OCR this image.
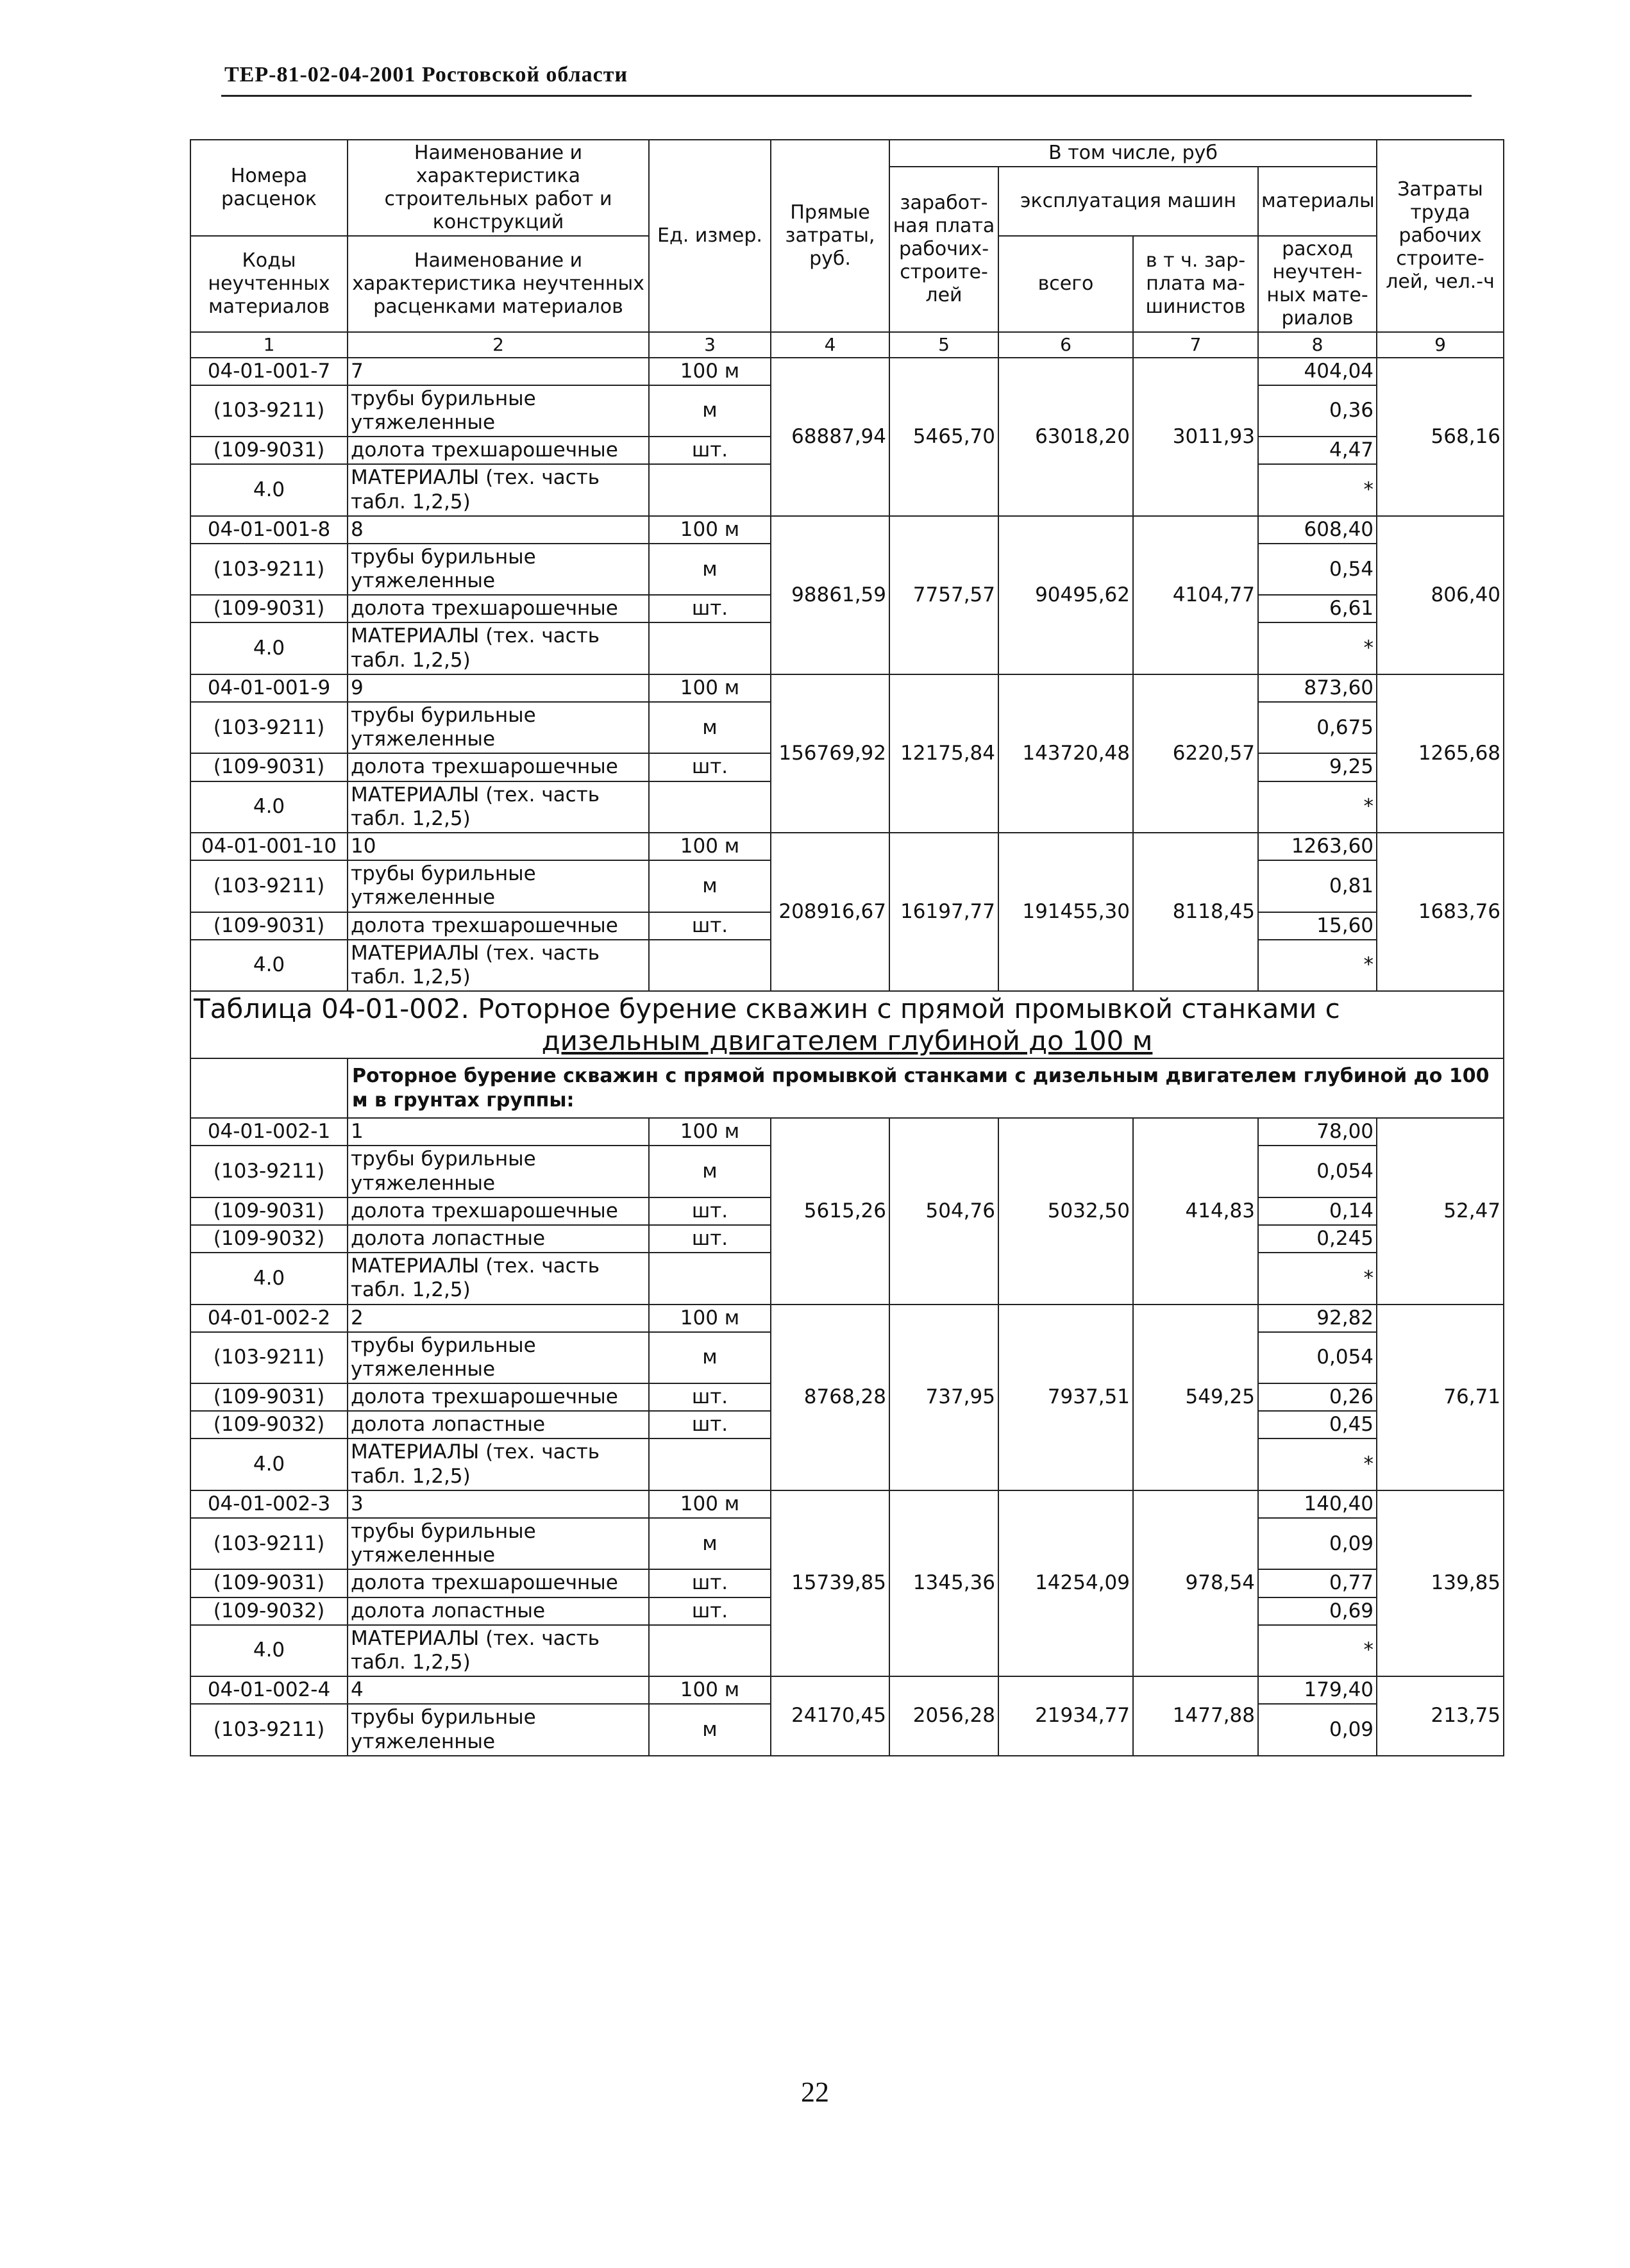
ТЕР-81-02-04-2001 Ростовской области
Номера расценок	Наименование и характеристика строительных работ и конструкций	Ед. измер.	Прямые затраты, руб.	В том числе, руб				Затраты труда рабочих строите-лей, чел.-ч
				заработ-ная плата рабочих-строите-лей	эксплуатация машин		материалы	
Коды неучтенных материалов	Наименование и характеристика неучтенных расценками материалов				всего	в т ч. зар-плата ма-шинистов	расход неучтен-ных мате-риалов	

1	2	3	4	5	6	7	8	9
04-01-001-7	7	100 м	68887,94	5465,70	63018,20	3011,93	404,04	568,16
(103-9211)	трубы бурильные утяжеленные	м					0,36	
(109-9031)	долота трехшарошечные	шт.					4,47	
4.0	МАТЕРИАЛЫ (тех. часть табл. 1,2,5)						*	
04-01-001-8	8	100 м	98861,59	7757,57	90495,62	4104,77	608,40	806,40
(103-9211)	трубы бурильные утяжеленные	м					0,54	
(109-9031)	долота трехшарошечные	шт.					6,61	
4.0	МАТЕРИАЛЫ (тех. часть табл. 1,2,5)						*	
04-01-001-9	9	100 м	156769,92	12175,84	143720,48	6220,57	873,60	1265,68
(103-9211)	трубы бурильные утяжеленные	м					0,675	
(109-9031)	долота трехшарошечные	шт.					9,25	
4.0	МАТЕРИАЛЫ (тех. часть табл. 1,2,5)						*	
04-01-001-10	10	100 м	208916,67	16197,77	191455,30	8118,45	1263,60	1683,76
(103-9211)	трубы бурильные утяжеленные	м					0,81	
(109-9031)	долота трехшарошечные	шт.					15,60	
4.0	МАТЕРИАЛЫ (тех. часть табл. 1,2,5)						*	
Таблица 04-01-002. Роторное бурение скважин с прямой промывкой станками с
дизельным двигателем глубиной до 100 м								

	Роторное бурение скважин с прямой промывкой станками с дизельным двигателем глубиной до 100 м в грунтах группы:							
04-01-002-1	1	100 м	5615,26	504,76	5032,50	414,83	78,00	52,47
(103-9211)	трубы бурильные утяжеленные	м					0,054	
(109-9031)	долота трехшарошечные	шт.					0,14	
(109-9032)	долота лопастные	шт.					0,245	
4.0	МАТЕРИАЛЫ (тех. часть табл. 1,2,5)						*	
04-01-002-2	2	100 м	8768,28	737,95	7937,51	549,25	92,82	76,71
(103-9211)	трубы бурильные утяжеленные	м					0,054	
(109-9031)	долота трехшарошечные	шт.					0,26	
(109-9032)	долота лопастные	шт.					0,45	
4.0	МАТЕРИАЛЫ (тех. часть табл. 1,2,5)						*	
04-01-002-3	3	100 м	15739,85	1345,36	14254,09	978,54	140,40	139,85
(103-9211)	трубы бурильные утяжеленные	м					0,09	
(109-9031)	долота трехшарошечные	шт.					0,77	
(109-9032)	долота лопастные	шт.					0,69	
4.0	МАТЕРИАЛЫ (тех. часть табл. 1,2,5)						*	
04-01-002-4	4	100 м	24170,45	2056,28	21934,77	1477,88	179,40	213,75
(103-9211)	трубы бурильные утяжеленные	м					0,09	
22
